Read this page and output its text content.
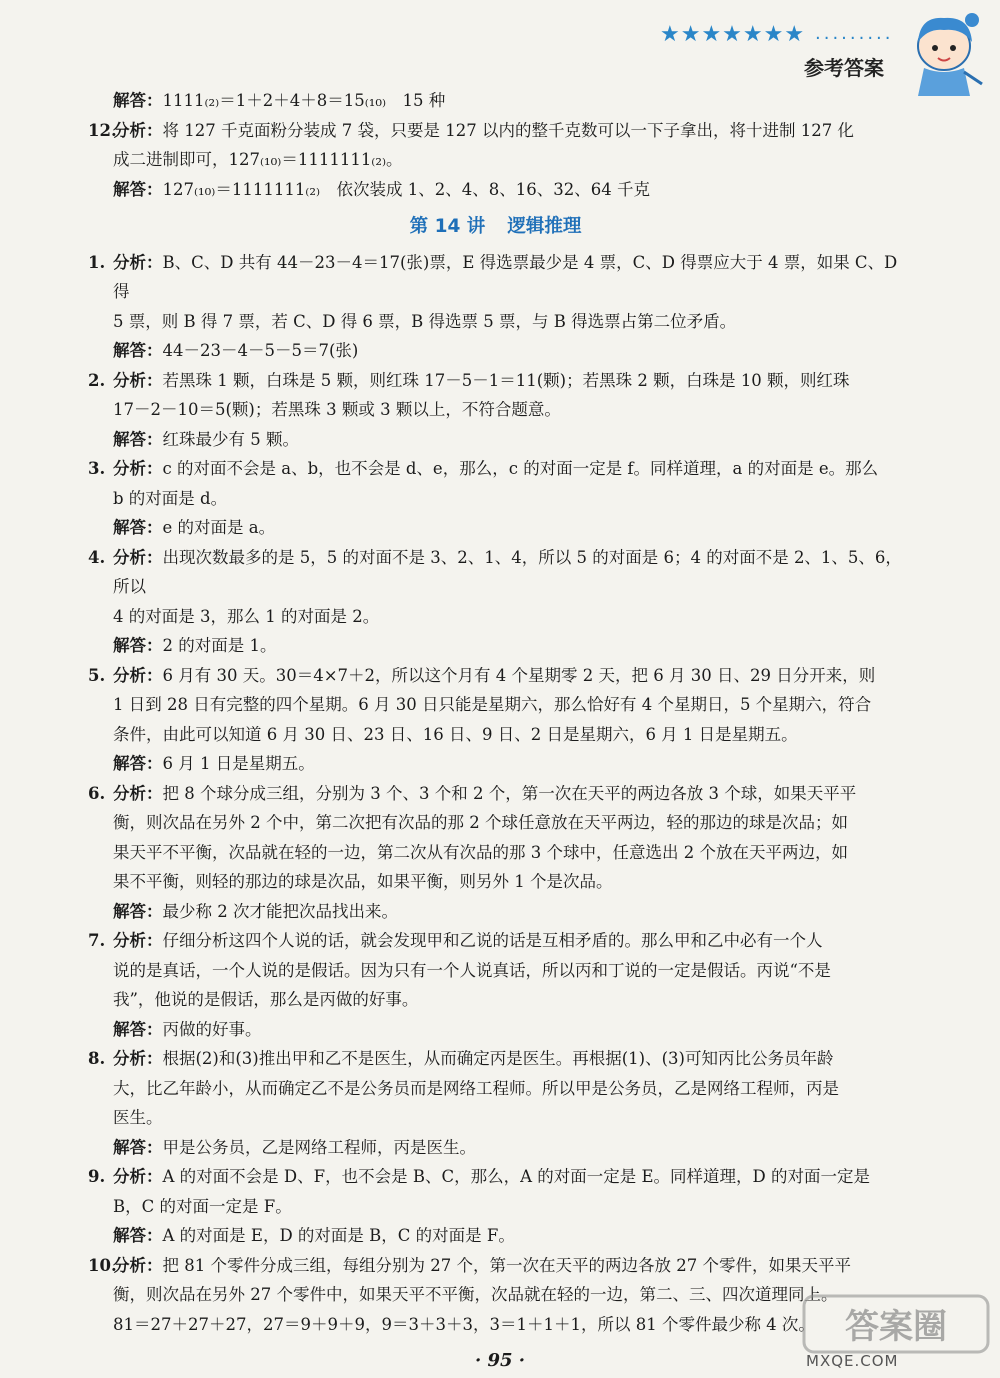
★★★★★★★ ·········
参考答案

解答：1111₍₂₎＝1＋2＋4＋8＝15₍₁₀₎　15 种

12.
分析：将 127 千克面粉分装成 7 袋，只要是 127 以内的整千克数可以一下子拿出，将十进制 127 化
成二进制即可，127₍₁₀₎＝1111111₍₂₎。
解答：127₍₁₀₎＝1111111₍₂₎　依次装成 1、2、4、8、16、32、64 千克
第 14 讲 逻辑推理
1. 分析：B、C、D 共有 44－23－4＝17(张)票，E 得选票最少是 4 票，C、D 得票应大于 4 票，如果 C、D 得
5 票，则 B 得 7 票，若 C、D 得 6 票，B 得选票 5 票，与 B 得选票占第二位矛盾。
解答：44－23－4－5－5＝7(张)
2. 分析：若黑珠 1 颗，白珠是 5 颗，则红珠 17－5－1＝11(颗)；若黑珠 2 颗，白珠是 10 颗，则红珠
17－2－10＝5(颗)；若黑珠 3 颗或 3 颗以上，不符合题意。
解答：红珠最少有 5 颗。
3. 分析：c 的对面不会是 a、b，也不会是 d、e，那么，c 的对面一定是 f。同样道理，a 的对面是 e。那么
b 的对面是 d。
解答：e 的对面是 a。
4. 分析：出现次数最多的是 5，5 的对面不是 3、2、1、4，所以 5 的对面是 6；4 的对面不是 2、1、5、6，所以
4 的对面是 3，那么 1 的对面是 2。
解答：2 的对面是 1。
5. 分析：6 月有 30 天。30＝4×7＋2，所以这个月有 4 个星期零 2 天，把 6 月 30 日、29 日分开来，则
1 日到 28 日有完整的四个星期。6 月 30 日只能是星期六，那么恰好有 4 个星期日，5 个星期六，符合
条件，由此可以知道 6 月 30 日、23 日、16 日、9 日、2 日是星期六，6 月 1 日是星期五。
解答：6 月 1 日是星期五。
6. 分析：把 8 个球分成三组，分别为 3 个、3 个和 2 个，第一次在天平的两边各放 3 个球，如果天平平
衡，则次品在另外 2 个中，第二次把有次品的那 2 个球任意放在天平两边，轻的那边的球是次品；如
果天平不平衡，次品就在轻的一边，第二次从有次品的那 3 个球中，任意选出 2 个放在天平两边，如
果不平衡，则轻的那边的球是次品，如果平衡，则另外 1 个是次品。
解答：最少称 2 次才能把次品找出来。
7. 分析：仔细分析这四个人说的话，就会发现甲和乙说的话是互相矛盾的。那么甲和乙中必有一个人
说的是真话，一个人说的是假话。因为只有一个人说真话，所以丙和丁说的一定是假话。丙说“不是
我”，他说的是假话，那么是丙做的好事。
解答：丙做的好事。
8. 分析：根据(2)和(3)推出甲和乙不是医生，从而确定丙是医生。再根据(1)、(3)可知丙比公务员年龄
大，比乙年龄小，从而确定乙不是公务员而是网络工程师。所以甲是公务员，乙是网络工程师，丙是
医生。
解答：甲是公务员，乙是网络工程师，丙是医生。
9. 分析：A 的对面不会是 D、F，也不会是 B、C，那么，A 的对面一定是 E。同样道理，D 的对面一定是
B，C 的对面一定是 F。
解答：A 的对面是 E，D 的对面是 B，C 的对面是 F。
10.
分析：把 81 个零件分成三组，每组分别为 27 个，第一次在天平的两边各放 27 个零件，如果天平平
衡，则次品在另外 27 个零件中，如果天平不平衡，次品就在轻的一边，第二、三、四次道理同上。
81＝27＋27＋27，27＝9＋9＋9，9＝3＋3＋3，3＝1＋1＋1，所以 81 个零件最少称 4 次。
· 95 ·
答案圈
MXQE.COM
